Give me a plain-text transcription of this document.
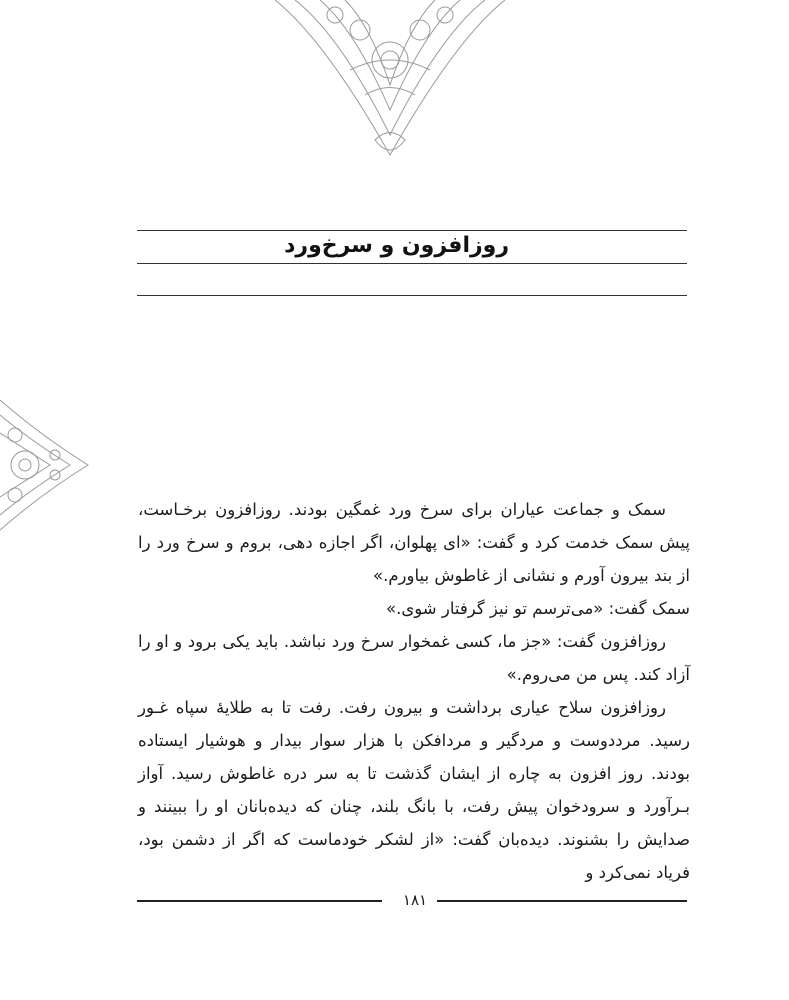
روزافزون و سرخ‌ورد

سمک و جماعت عیاران برای سرخ ورد غمگین بودند. روزافزون برخـاست، پیش سمک خدمت کرد و گفت: «ای پهلوان، اگر اجازه دهی، بروم و سرخ ورد را از بند بیرون آورم و نشانی از غاطوش بیاورم.»

سمک گفت: «می‌ترسم تو نیز گرفتار شوی.»

روزافزون گفت: «جز ما، کسی غمخوار سرخ ورد نباشد. باید یکی برود و او را آزاد کند. پس من می‌روم.»

روزافزون سلاح عیاری برداشت و بیرون رفت. رفت تا به طلایهٔ سپاه غـور رسید. مرددوست و مردگیر و مردافکن با هزار سوار بیدار و هوشیار ایستاده بودند. روز افزون به چاره از ایشان گذشت تا به سر دره غاطوش رسید. آواز بـرآورد و سرودخوان پیش رفت، با بانگ بلند، چنان که دیده‌بانان او را ببینند و صدایش را بشنوند. دیده‌بان گفت: «از لشکر خودماست که اگر از دشمن بود، فریاد نمی‌کرد و

۱۸۱
